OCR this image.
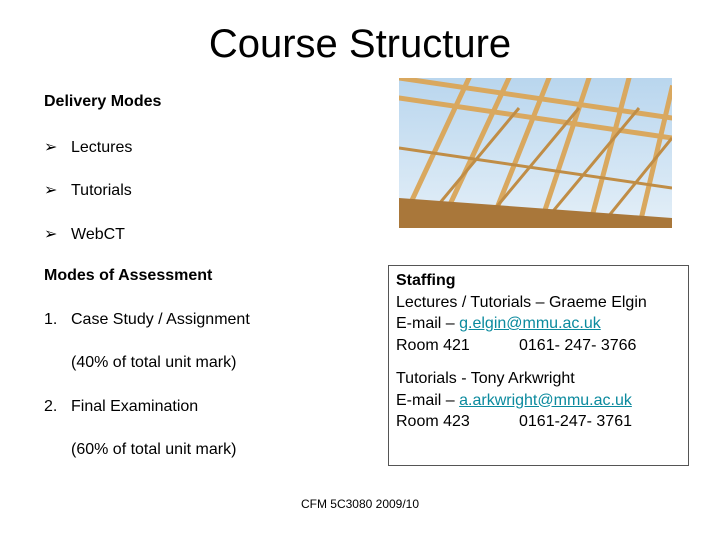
Course Structure
Delivery Modes
➢ Lectures
➢ Tutorials
➢ WebCT
Modes of Assessment
1. Case Study / Assignment
(40% of total unit mark)
2. Final Examination
(60% of total unit mark)
Staffing
Lectures / Tutorials – Graeme Elgin
E-mail – g.elgin@mmu.ac.uk
Room 421	0161- 247- 3766
Tutorials - Tony Arkwright
E-mail – a.arkwright@mmu.ac.uk
Room 423	0161-247- 3761
CFM 5C3080 2009/10
